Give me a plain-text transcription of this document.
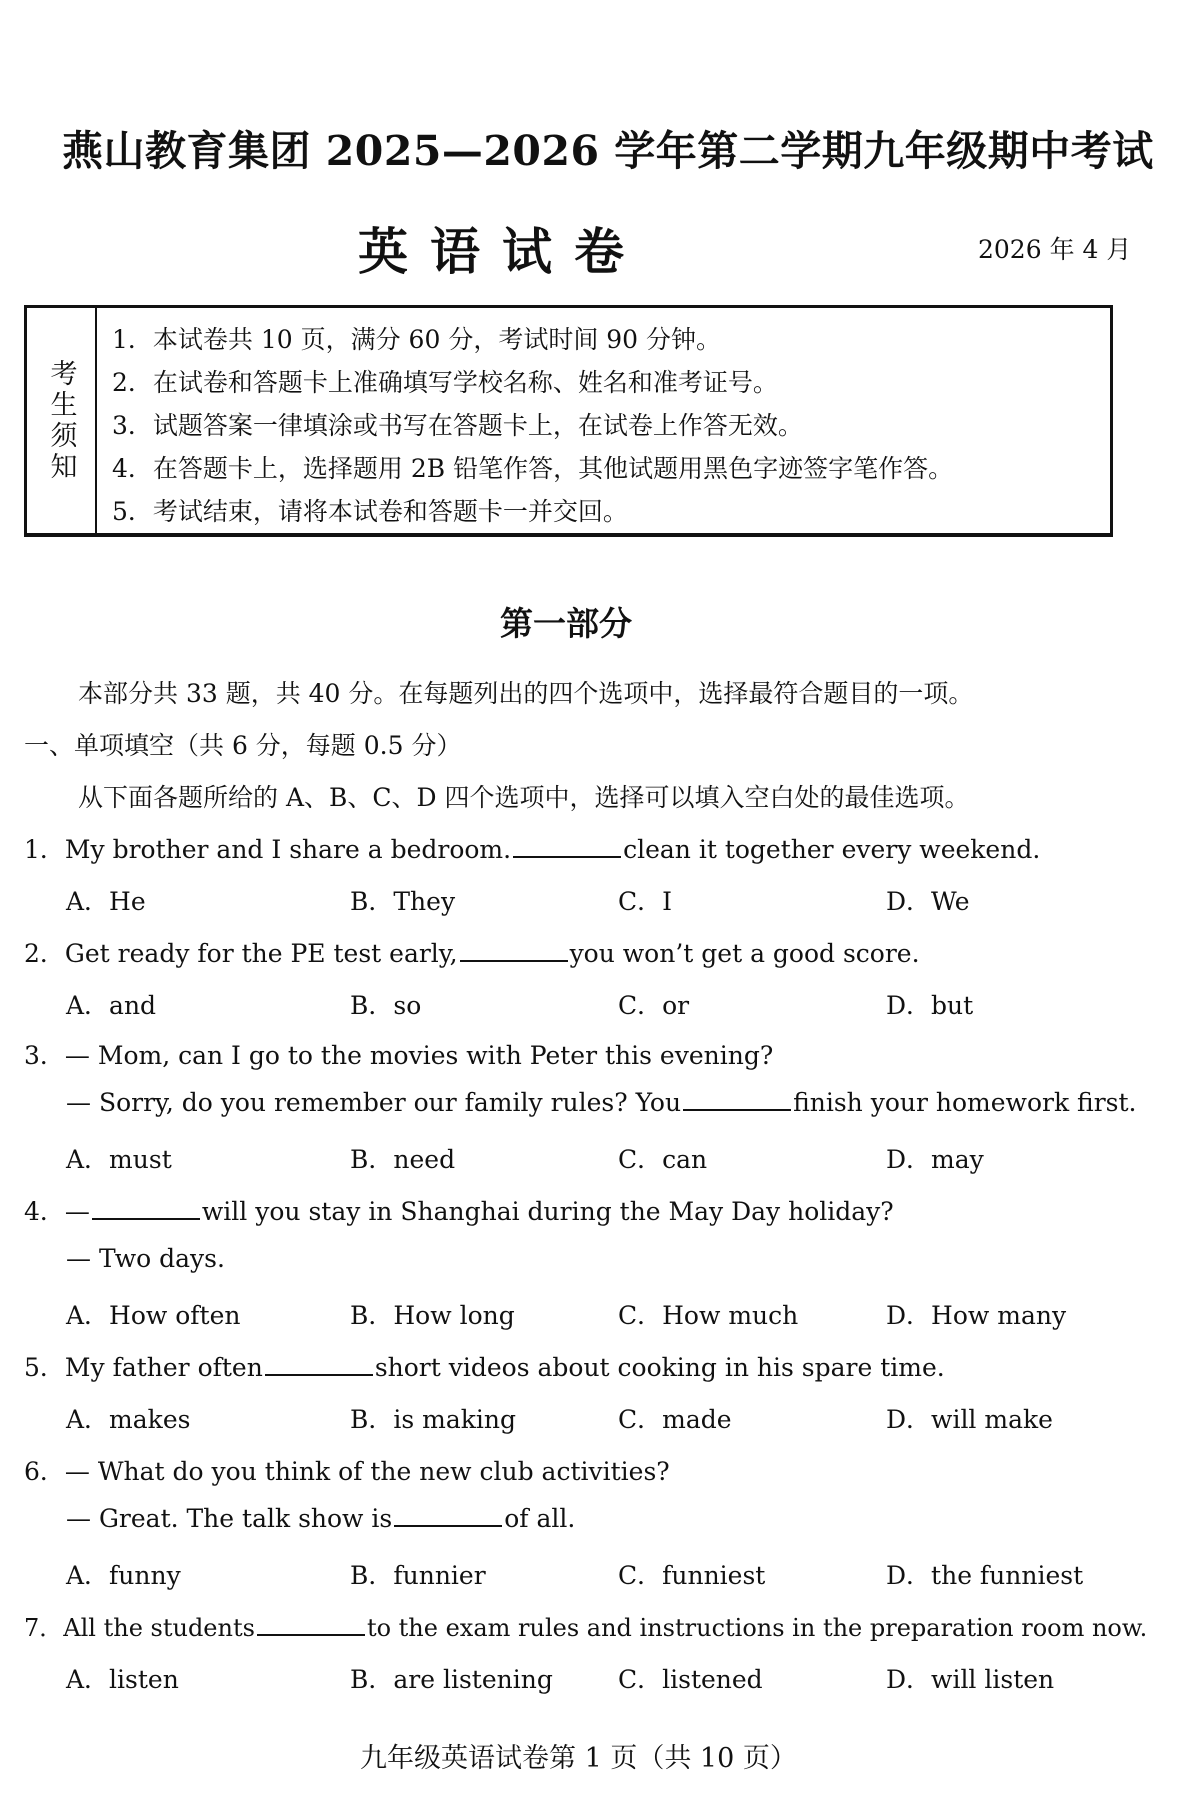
燕山教育集团 2025—2026 学年第二学期九年级期中考试
英语试卷	2026 年 4 月
考生须知
1．本试卷共 10 页，满分 60 分，考试时间 90 分钟。
2．在试卷和答题卡上准确填写学校名称、姓名和准考证号。
3．试题答案一律填涂或书写在答题卡上，在试卷上作答无效。
4．在答题卡上，选择题用 2B 铅笔作答，其他试题用黑色字迹签字笔作答。
5．考试结束，请将本试卷和答题卡一并交回。
第一部分
本部分共 33 题，共 40 分。在每题列出的四个选项中，选择最符合题目的一项。
一、单项填空（共 6 分，每题 0.5 分）
从下面各题所给的 A、B、C、D 四个选项中，选择可以填入空白处的最佳选项。
1．My brother and I share a bedroom.	clean it together every weekend.
A．He	B．They	C．I	D．We
2．Get ready for the PE test early,	you won’t get a good score.
A．and	B．so	C．or	D．but
3．— Mom, can I go to the movies with Peter this evening?
— Sorry, do you remember our family rules? You	finish your homework first.
A．must	B．need	C．can	D．may
4．—	will you stay in Shanghai during the May Day holiday?
— Two days.
A．How often	B．How long	C．How much	D．How many
5．My father often	short videos about cooking in his spare time.
A．makes	B．is making	C．made	D．will make
6．— What do you think of the new club activities?
— Great. The talk show is	of all.
A．funny	B．funnier	C．funniest	D．the funniest
7．All the students	to the exam rules and instructions in the preparation room now.
A．listen	B．are listening	C．listened	D．will listen
九年级英语试卷第 1 页（共 10 页）
